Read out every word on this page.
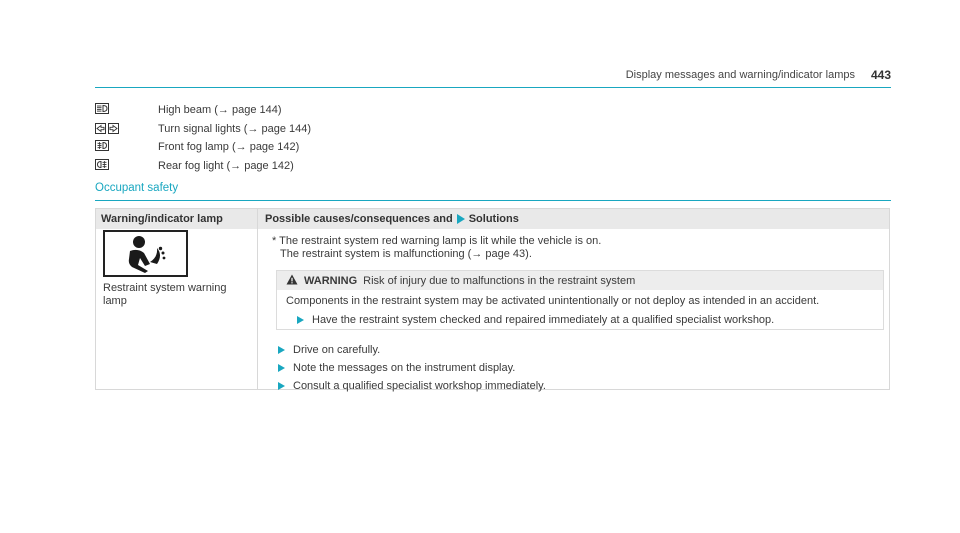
Display messages and warning/indicator lamps 443
High beam (→ page 144)
Turn signal lights (→ page 144)
Front fog lamp (→ page 142)
Rear fog light (→ page 142)
Occupant safety
Warning/indicator lamp	Possible causes/consequences and Solutions
Restraint system warning
lamp
* The restraint system red warning lamp is lit while the vehicle is on.
The restraint system is malfunctioning (→ page 43).
WARNING Risk of injury due to malfunctions in the restraint system
Components in the restraint system may be activated unintentionally or not deploy as intended in an accident.
Have the restraint system checked and repaired immediately at a qualified specialist workshop.
Drive on carefully.
Note the messages on the instrument display.
Consult a qualified specialist workshop immediately.
